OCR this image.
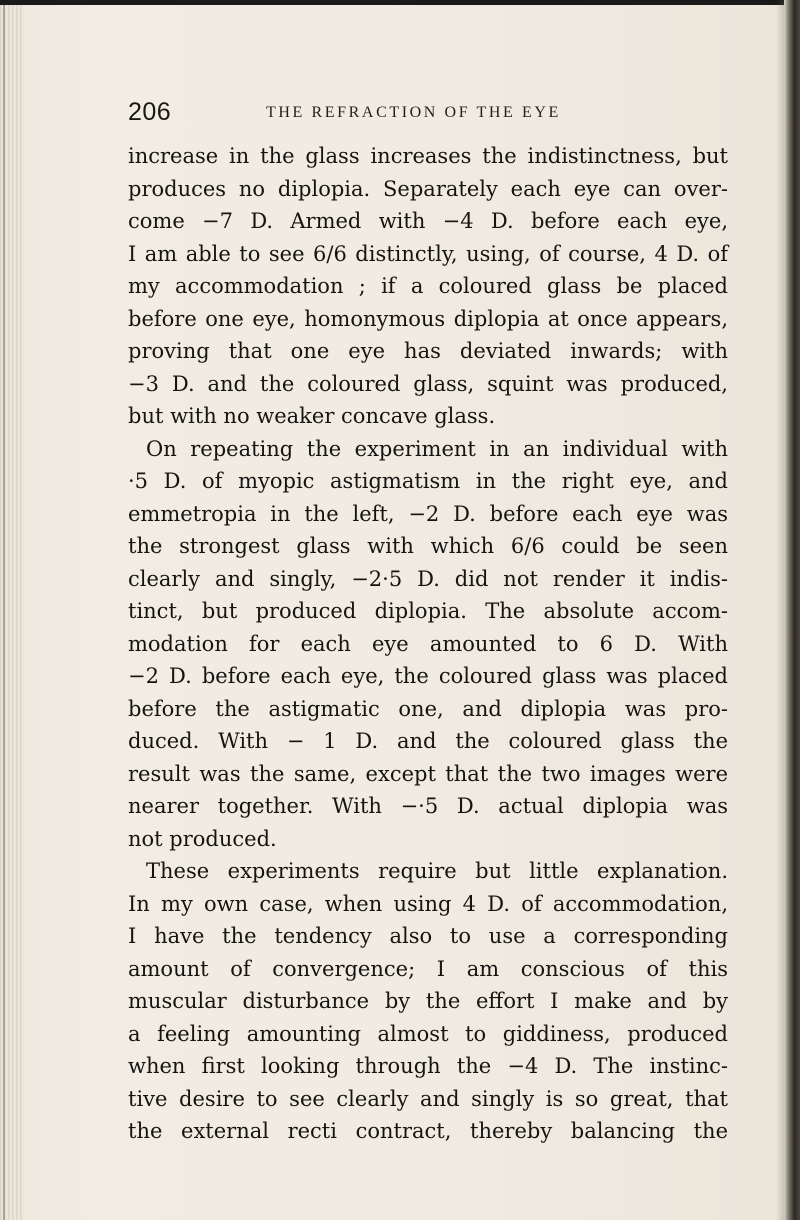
206	THE REFRACTION OF THE EYE
increase in the glass increases the indistinctness, but
produces no diplopia. Separately each eye can over-
come −7 D. Armed with −4 D. before each eye,
I am able to see 6/6 distinctly, using, of course, 4 D. of
my accommodation ; if a coloured glass be placed
before one eye, homonymous diplopia at once appears,
proving that one eye has deviated inwards; with
−3 D. and the coloured glass, squint was produced,
but with no weaker concave glass.
On repeating the experiment in an individual with
·5 D. of myopic astigmatism in the right eye, and
emmetropia in the left, −2 D. before each eye was
the strongest glass with which 6/6 could be seen
clearly and singly, −2·5 D. did not render it indis-
tinct, but produced diplopia. The absolute accom-
modation for each eye amounted to 6 D. With
−2 D. before each eye, the coloured glass was placed
before the astigmatic one, and diplopia was pro-
duced. With − 1 D. and the coloured glass the
result was the same, except that the two images were
nearer together. With −·5 D. actual diplopia was
not produced.
These experiments require but little explanation.
In my own case, when using 4 D. of accommodation,
I have the tendency also to use a corresponding
amount of convergence; I am conscious of this
muscular disturbance by the effort I make and by
a feeling amounting almost to giddiness, produced
when first looking through the −4 D. The instinc-
tive desire to see clearly and singly is so great, that
the external recti contract, thereby balancing the
